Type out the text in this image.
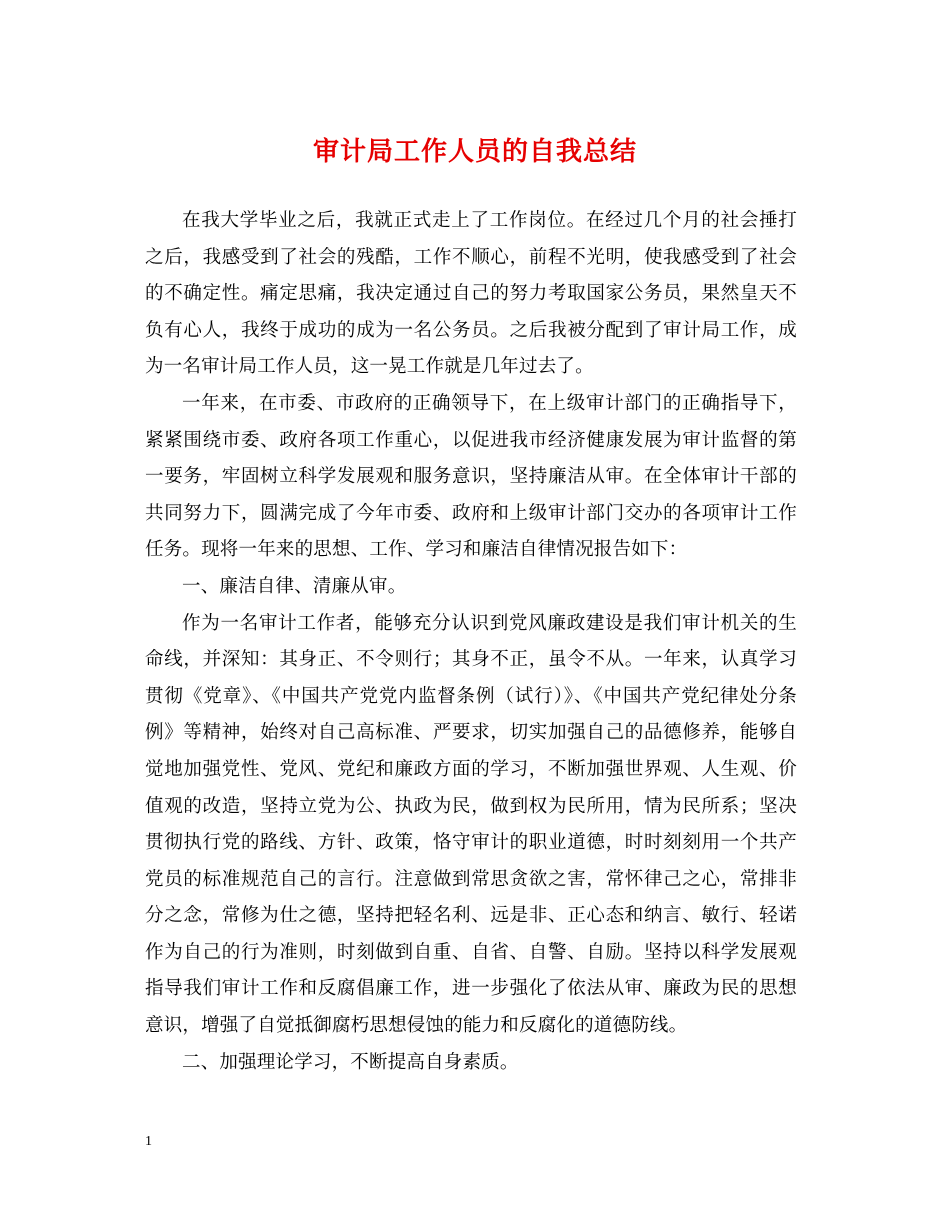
审计局工作人员的自我总结

在我大学毕业之后，我就正式走上了工作岗位。在经过几个月的社会捶打之后，我感受到了社会的残酷，工作不顺心，前程不光明，使我感受到了社会的不确定性。痛定思痛，我决定通过自己的努力考取国家公务员，果然皇天不负有心人，我终于成功的成为一名公务员。之后我被分配到了审计局工作，成为一名审计局工作人员，这一晃工作就是几年过去了。

一年来，在市委、市政府的正确领导下，在上级审计部门的正确指导下，紧紧围绕市委、政府各项工作重心，以促进我市经济健康发展为审计监督的第一要务，牢固树立科学发展观和服务意识，坚持廉洁从审。在全体审计干部的共同努力下，圆满完成了今年市委、政府和上级审计部门交办的各项审计工作任务。现将一年来的思想、工作、学习和廉洁自律情况报告如下：

一、廉洁自律、清廉从审。

作为一名审计工作者，能够充分认识到党风廉政建设是我们审计机关的生命线，并深知：其身正、不令则行；其身不正，虽令不从。一年来，认真学习贯彻《党章》、《中国共产党党内监督条例（试行）》、《中国共产党纪律处分条例》等精神，始终对自己高标准、严要求，切实加强自己的品德修养，能够自觉地加强党性、党风、党纪和廉政方面的学习，不断加强世界观、人生观、价值观的改造，坚持立党为公、执政为民，做到权为民所用，情为民所系；坚决贯彻执行党的路线、方针、政策，恪守审计的职业道德，时时刻刻用一个共产党员的标准规范自己的言行。注意做到常思贪欲之害，常怀律己之心，常排非分之念，常修为仕之德，坚持把轻名利、远是非、正心态和纳言、敏行、轻诺作为自己的行为准则，时刻做到自重、自省、自警、自励。坚持以科学发展观指导我们审计工作和反腐倡廉工作，进一步强化了依法从审、廉政为民的思想意识，增强了自觉抵御腐朽思想侵蚀的能力和反腐化的道德防线。

二、加强理论学习，不断提高自身素质。

1
